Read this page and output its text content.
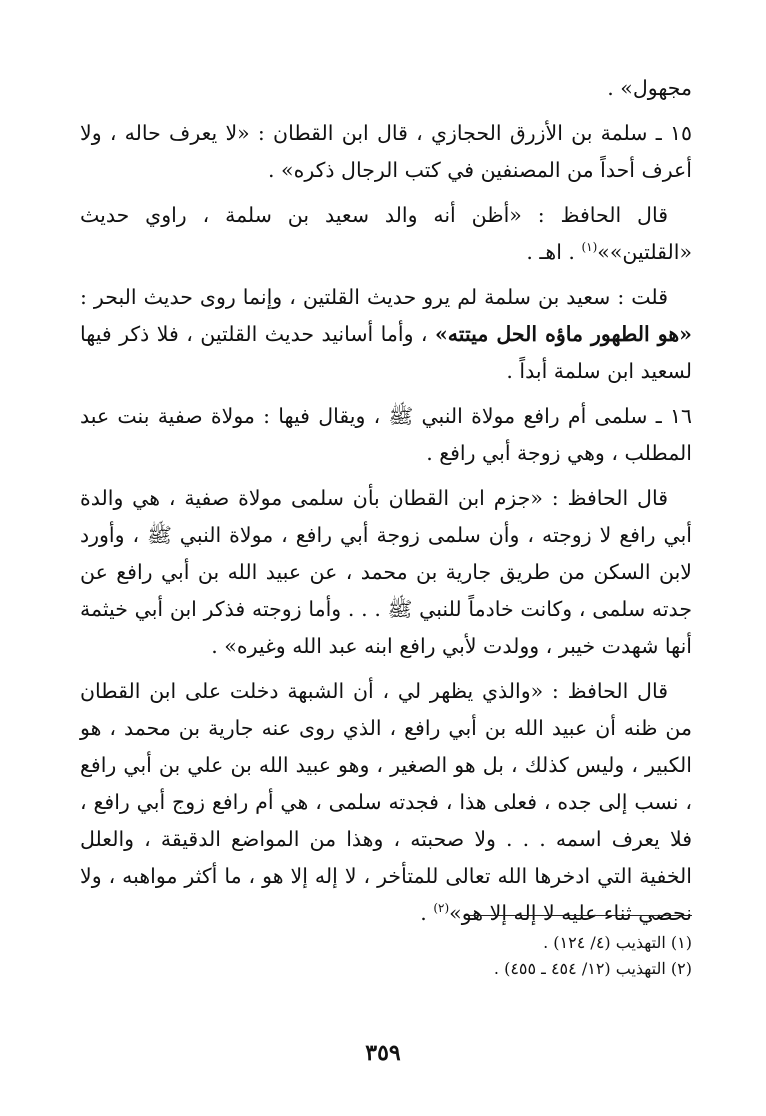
مجهول» .

١٥ ـ سلمة بن الأزرق الحجازي ، قال ابن القطان : «لا يعرف حاله ، ولا أعرف أحداً من المصنفين في كتب الرجال ذكره» .

قال الحافظ : «أظن أنه والد سعيد بن سلمة ، راوي حديث «القلتين»»$^{(١)}$ . اهـ .

قلت : سعيد بن سلمة لم يرو حديث القلتين ، وإنما روى حديث البحر : «هو الطهور ماؤه الحل ميتته» ، وأما أسانيد حديث القلتين ، فلا ذكر فيها لسعيد ابن سلمة أبداً .

١٦ ـ سلمى أم رافع مولاة النبي ﷺ ، ويقال فيها : مولاة صفية بنت عبد المطلب ، وهي زوجة أبي رافع .

قال الحافظ : «جزم ابن القطان بأن سلمى مولاة صفية ، هي والدة أبي رافع لا زوجته ، وأن سلمى زوجة أبي رافع ، مولاة النبي ﷺ ، وأورد لابن السكن من طريق جارية بن محمد ، عن عبيد الله بن أبي رافع عن جدته سلمى ، وكانت خادماً للنبي ﷺ . . . وأما زوجته فذكر ابن أبي خيثمة أنها شهدت خيبر ، وولدت لأبي رافع ابنه عبد الله وغيره» .

قال الحافظ : «والذي يظهر لي ، أن الشبهة دخلت على ابن القطان من ظنه أن عبيد الله بن أبي رافع ، الذي روى عنه جارية بن محمد ، هو الكبير ، وليس كذلك ، بل هو الصغير ، وهو عبيد الله بن علي بن أبي رافع ، نسب إلى جده ، فعلى هذا ، فجدته سلمى ، هي أم رافع زوج أبي رافع ، فلا يعرف اسمه . . . ولا صحبته ، وهذا من المواضع الدقيقة ، والعلل الخفية التي ادخرها الله تعالى للمتأخر ، لا إله إلا هو ، ما أكثر مواهبه ، ولا نحصي ثناء عليه لا إله إلا هو»$^{(٢)}$ .

(١) التهذيب (٤/ ١٢٤) .
(٢) التهذيب (١٢/ ٤٥٤ ـ ٤٥٥) .
٣٥٩
